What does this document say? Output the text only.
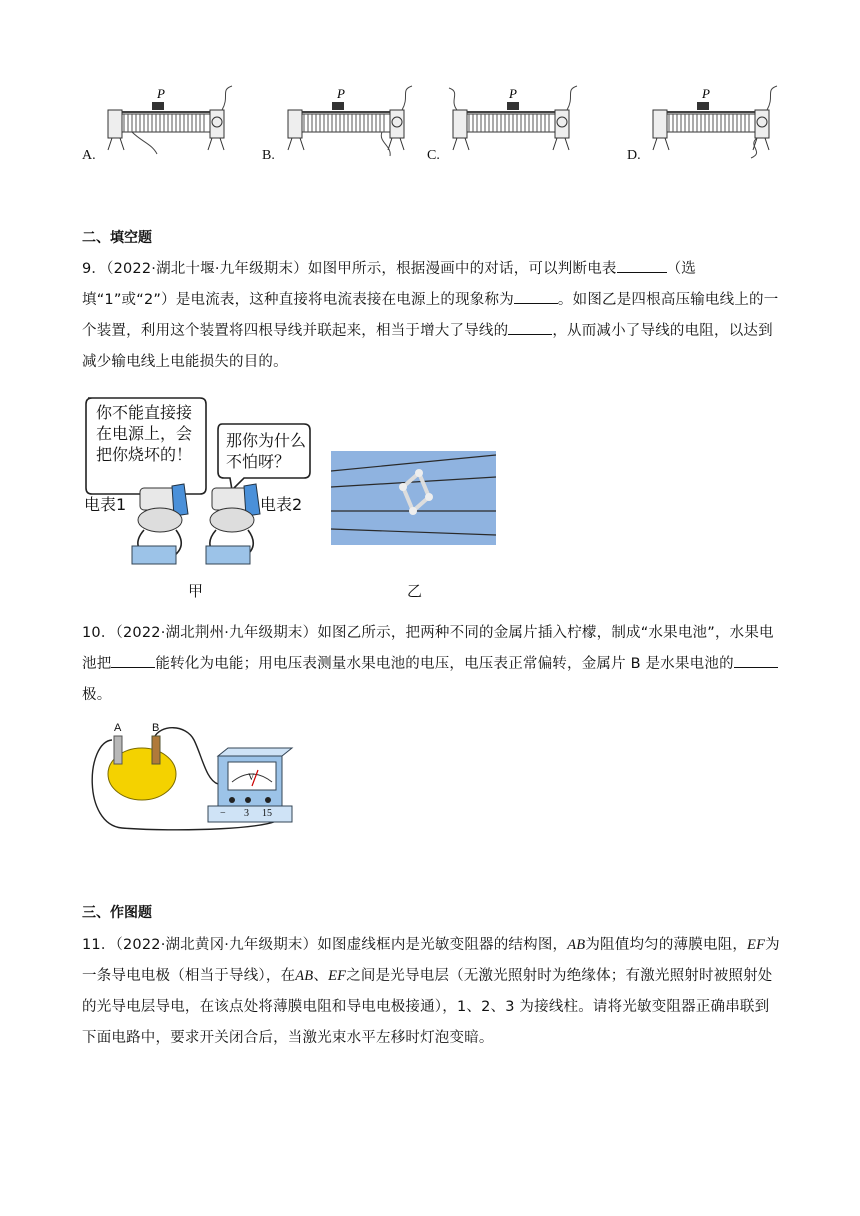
P
A.
P
B.
P
C.
P
D.
二、填空题

9．（2022·湖北十堰·九年级期末）如图甲所示，根据漫画中的对话，可以判断电表	（选填“1”或“2”）是电流表，这种直接将电流表接在电源上的现象称为	。如图乙是四根高压输电线上的一个装置，利用这个装置将四根导线并联起来，相当于增大了导线的	，从而减小了导线的电阻，以达到减少输电线上电能损失的目的。

你不能直接接在电源上，会把你烧坏的！
那你为什么不怕呀？
电表1	电表2
甲	乙

10．（2022·湖北荆州·九年级期末）如图乙所示，把两种不同的金属片插入柠檬，制成“水果电池”，水果电池把	能转化为电能；用电压表测量水果电池的电压，电压表正常偏转，金属片 B 是水果电池的极。

A	B
V
− 3 15
三、作图题

11．（2022·湖北黄冈·九年级期末）如图虚线框内是光敏变阻器的结构图，AB为阻值均匀的薄膜电阻，EF为一条导电电极（相当于导线），在AB、EF之间是光导电层（无激光照射时为绝缘体；有激光照射时被照射处的光导电层导电，在该点处将薄膜电阻和导电电极接通），1、2、3 为接线柱。请将光敏变阻器正确串联到下面电路中，要求开关闭合后，当激光束水平左移时灯泡变暗。
